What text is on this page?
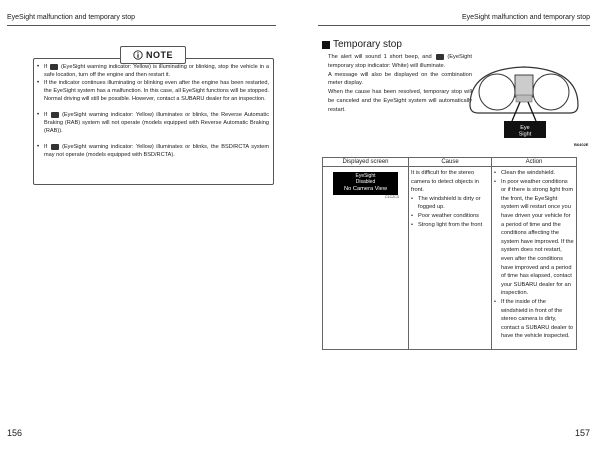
EyeSight malfunction and temporary stop
NOTE
• If  (EyeSight warning indicator: Yellow) is illuminating or blinking, stop the vehicle in a safe location, turn off the engine and then restart it.
• If the indicator continues illuminating or blinking even after the engine has been restarted, the EyeSight system has a malfunction. In this case, all EyeSight functions will be stopped. Normal driving will still be possible. However, contact a SUBARU dealer for an inspection.
• If  (EyeSight warning indicator: Yellow) illuminates or blinks, the Reverse Automatic Braking (RAB) system will not operate (models equipped with Reverse Automatic Braking (RAB)).
• If  (EyeSight warning indicator: Yellow) illuminates or blinks, the BSD/RCTA system may not operate (models equipped with BSD/RCTA).
156
EyeSight malfunction and temporary stop
Temporary stop
The alert will sound 1 short beep, and  (EyeSight temporary stop indicator: White) will illuminate.
A message will also be displayed on the combination meter display.
When the cause has been resolved, temporary stop will be canceled and the EyeSight system will automatically restart.
Eye
Sight
B6402E
Displayed screen	Cause	Action
EyeSight
Disabled
No Camera View
C1C2C3
It is difficult for the stereo camera to detect objects in front.
• The windshield is dirty or fogged up.
• Poor weather conditions
• Strong light from the front
• Clean the windshield.
• In poor weather conditions or if there is strong light from the front, the EyeSight system will restart once you have driven your vehicle for a period of time and the conditions affecting the system have improved. If the system does not restart, even after the conditions have improved and a period of time has elapsed, contact your SUBARU dealer for an inspection.
• If the inside of the windshield in front of the stereo camera is dirty, contact a SUBARU dealer to have the vehicle inspected.
157
